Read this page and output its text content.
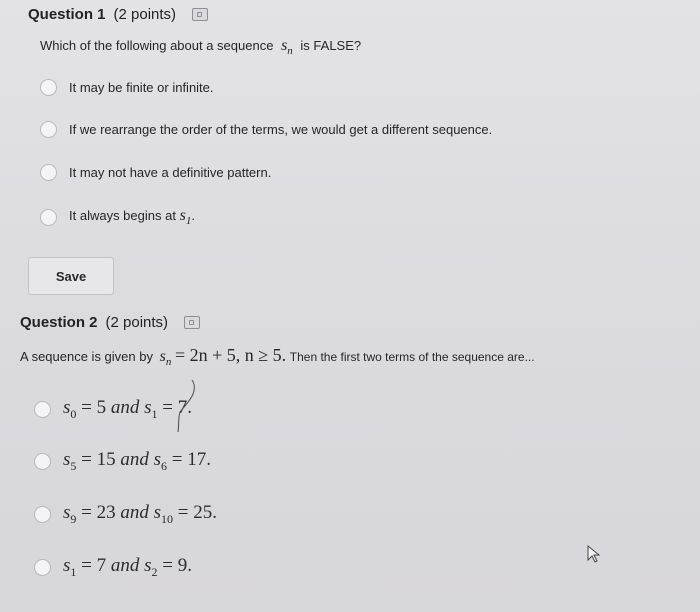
Question 1 (2 points)
Which of the following about a sequence $s_n$ is FALSE?
It may be finite or infinite.
If we rearrange the order of the terms, we would get a different sequence.
It may not have a definitive pattern.
It always begins at $s_1$.
Save
Question 2 (2 points)
A sequence is given by $s_n = 2n + 5$, n ≥ 5. Then the first two terms of the sequence are...
$s_0 = 5$ and $s_1 = 7$.
$s_5 = 15$ and $s_6 = 17$.
$s_9 = 23$ and $s_{10} = 25$.
$s_1 = 7$ and $s_2 = 9$.
